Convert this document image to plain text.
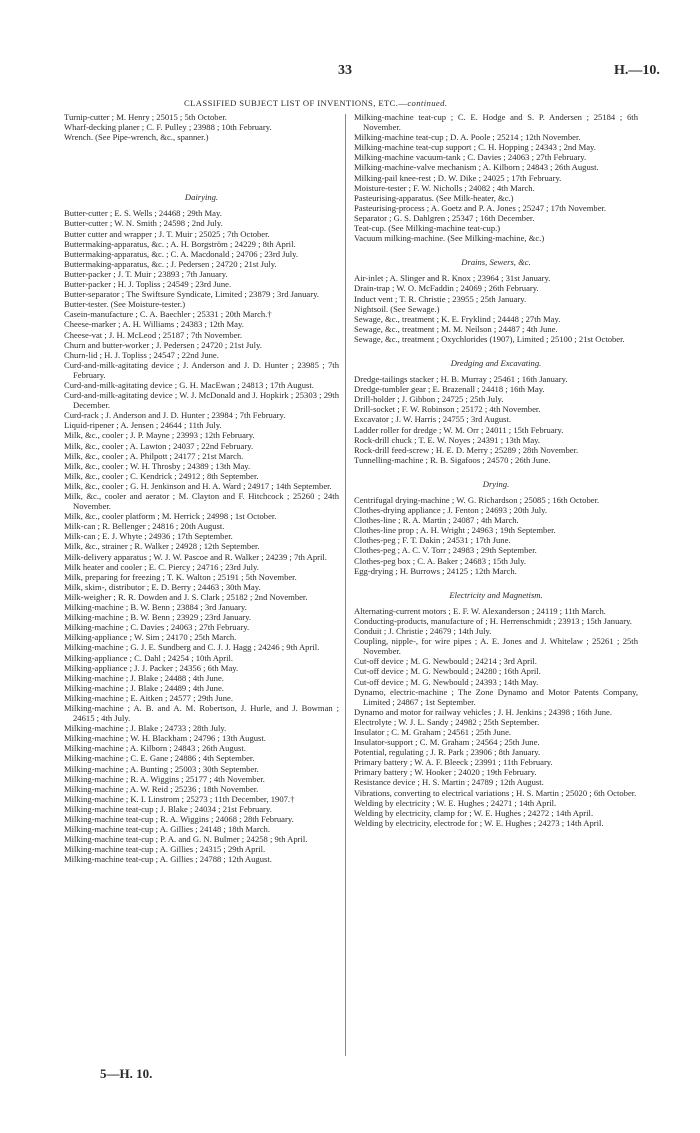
33	H.—10.
CLASSIFIED SUBJECT LIST OF INVENTIONS, ETC.—continued.

Turnip-cutter ; M. Henry ; 25015 ; 5th October.

Wharf-decking planer ; C. F. Pulley ; 23988 ; 10th February.

Wrench. (See Pipe-wrench, &c., spanner.)

Dairying.

Butter-cutter ; E. S. Wells ; 24468 ; 29th May.

Butter-cutter ; W. N. Smith ; 24598 ; 2nd July.

Butter cutter and wrapper ; J. T. Muir ; 25025 ; 7th October.

Buttermaking-apparatus, &c. ; A. H. Borgström ; 24229 ; 8th April.

Buttermaking-apparatus, &c. ; C. A. Macdonald ; 24706 ; 23rd July.

Buttermaking-apparatus, &c. ; J. Pedersen ; 24720 ; 21st July.

Butter-packer ; J. T. Muir ; 23893 ; 7th January.

Butter-packer ; H. J. Topliss ; 24549 ; 23rd June.

Butter-separator ; The Swiftsure Syndicate, Limited ; 23879 ; 3rd January.

Butter-tester. (See Moisture-tester.)

Casein-manufacture ; C. A. Baechler ; 25331 ; 20th March.†

Cheese-marker ; A. H. Williams ; 24383 ; 12th May.

Cheese-vat ; J. H. McLeod ; 25187 ; 7th November.

Churn and butter-worker ; J. Pedersen ; 24720 ; 21st July.

Churn-lid ; H. J. Topliss ; 24547 ; 22nd June.

Curd-and-milk-agitating device ; J. Anderson and J. D. Hunter ; 23985 ; 7th February.

Curd-and-milk-agitating device ; G. H. MacEwan ; 24813 ; 17th August.

Curd-and-milk-agitating device ; W. J. McDonald and J. Hopkirk ; 25303 ; 29th December.

Curd-rack ; J. Anderson and J. D. Hunter ; 23984 ; 7th February.

Liquid-ripener ; A. Jensen ; 24644 ; 11th July.

Milk, &c., cooler ; J. P. Mayne ; 23993 ; 12th February.

Milk, &c., cooler ; A. Lawton ; 24037 ; 22nd February.

Milk, &c., cooler ; A. Philpott ; 24177 ; 21st March.

Milk, &c., cooler ; W. H. Throsby ; 24389 ; 13th May.

Milk, &c., cooler ; C. Kendrick ; 24912 ; 8th September.

Milk, &c., cooler ; G. H. Jenkinson and H. A. Ward ; 24917 ; 14th September.

Milk, &c., cooler and aerator ; M. Clayton and F. Hitchcock ; 25260 ; 24th November.

Milk, &c., cooler platform ; M. Herrick ; 24998 ; 1st October.

Milk-can ; R. Bellenger ; 24816 ; 20th August.

Milk-can ; E. J. Whyte ; 24936 ; 17th September.

Milk, &c., strainer ; R. Walker ; 24928 ; 12th September.

Milk-delivery apparatus ; W. J. W. Pascoe and R. Walker ; 24239 ; 7th April.

Milk heater and cooler ; E. C. Piercy ; 24716 ; 23rd July.

Milk, preparing for freezing ; T. K. Walton ; 25191 ; 5th November.

Milk, skim-, distributor ; E. D. Berry ; 24463 ; 30th May.

Milk-weigher ; R. R. Dowden and J. S. Clark ; 25182 ; 2nd November.

Milking-machine ; B. W. Benn ; 23884 ; 3rd January.

Milking-machine ; B. W. Benn ; 23929 ; 23rd January.

Milking-machine ; C. Davies ; 24063 ; 27th February.

Milking-appliance ; W. Sim ; 24170 ; 25th March.

Milking-machine ; G. J. E. Sundberg and C. J. J. Hagg ; 24246 ; 9th April.

Milking-appliance ; C. Dahl ; 24254 ; 10th April.

Milking-appliance ; J. J. Packer ; 24356 ; 6th May.

Milking-machine ; J. Blake ; 24488 ; 4th June.

Milking-machine ; J. Blake ; 24489 ; 4th June.

Milking-machine ; E. Aitken ; 24577 ; 29th June.

Milking-machine ; A. B. and A. M. Robertson, J. Hurle, and J. Bowman ; 24615 ; 4th July.

Milking-machine ; J. Blake ; 24733 ; 28th July.

Milking-machine ; W. H. Blackham ; 24796 ; 13th August.

Milking-machine ; A. Kilborn ; 24843 ; 26th August.

Milking-machine ; C. E. Gane ; 24886 ; 4th September.

Milking-machine ; A. Bunting ; 25003 ; 30th September.

Milking-machine ; R. A. Wiggins ; 25177 ; 4th November.

Milking-machine ; A. W. Reid ; 25236 ; 18th November.

Milking-machine ; K. I. Linstrom ; 25273 ; 11th December, 1907.†

Milking-machine teat-cup ; J. Blake ; 24034 ; 21st February.

Milking-machine teat-cup ; R. A. Wiggins ; 24068 ; 28th February.

Milking-machine teat-cup ; A. Gillies ; 24148 ; 18th March.

Milking-machine teat-cup ; P. A. and G. N. Bulmer ; 24258 ; 9th April.

Milking-machine teat-cup ; A. Gillies ; 24315 ; 29th April.

Milking-machine teat-cup ; A. Gillies ; 24788 ; 12th August.

Milking-machine teat-cup ; C. E. Hodge and S. P. Andersen ; 25184 ; 6th November.

Milking-machine teat-cup ; D. A. Poole ; 25214 ; 12th November.

Milking-machine teat-cup support ; C. H. Hopping ; 24343 ; 2nd May.

Milking-machine vacuum-tank ; C. Davies ; 24063 ; 27th February.

Milking-machine-valve mechanism ; A. Kilborn ; 24843 ; 26th August.

Milking-pail knee-rest ; D. W. Dike ; 24025 ; 17th February.

Moisture-tester ; F. W. Nicholls ; 24082 ; 4th March.

Pasteurising-apparatus. (See Milk-heater, &c.)

Pasteurising-process ; A. Goetz and P. A. Jones ; 25247 ; 17th November.

Separator ; G. S. Dahlgren ; 25347 ; 16th December.

Teat-cup. (See Milking-machine teat-cup.)

Vacuum milking-machine. (See Milking-machine, &c.)

Drains, Sewers, &c.

Air-inlet ; A. Slinger and R. Knox ; 23964 ; 31st January.

Drain-trap ; W. O. McFaddin ; 24069 ; 26th February.

Induct vent ; T. R. Christie ; 23955 ; 25th January.

Nightsoil. (See Sewage.)

Sewage, &c., treatment ; K. E. Fryklind ; 24448 ; 27th May.

Sewage, &c., treatment ; M. M. Neilson ; 24487 ; 4th June.

Sewage, &c., treatment ; Oxychlorides (1907), Limited ; 25100 ; 21st October.

Dredging and Excavating.

Dredge-tailings stacker ; H. B. Murray ; 25461 ; 16th January.

Dredge-tumbler gear ; E. Brazenall ; 24418 ; 16th May.

Drill-holder ; J. Gibbon ; 24725 ; 25th July.

Drill-socket ; F. W. Robinson ; 25172 ; 4th November.

Excavator ; J. W. Harris ; 24755 ; 3rd August.

Ladder roller for dredge ; W. M. Orr ; 24011 ; 15th February.

Rock-drill chuck ; T. E. W. Noyes ; 24391 ; 13th May.

Rock-drill feed-screw ; H. E. D. Merry ; 25289 ; 28th November.

Tunnelling-machine ; R. B. Sigafoos ; 24570 ; 26th June.

Drying.

Centrifugal drying-machine ; W. G. Richardson ; 25085 ; 16th October.

Clothes-drying appliance ; J. Fenton ; 24693 ; 20th July.

Clothes-line ; R. A. Martin ; 24087 ; 4th March.

Clothes-line prop ; A. H. Wright ; 24963 ; 19th September.

Clothes-peg ; F. T. Dakin ; 24531 ; 17th June.

Clothes-peg ; A. C. V. Torr ; 24983 ; 29th September.

Clothes-peg box ; C. A. Baker ; 24683 ; 15th July.

Egg-drying ; H. Burrows ; 24125 ; 12th March.

Electricity and Magnetism.

Alternating-current motors ; E. F. W. Alexanderson ; 24119 ; 11th March.

Conducting-products, manufacture of ; H. Herrenschmidt ; 23913 ; 15th January.

Conduit ; J. Christie ; 24679 ; 14th July.

Coupling, nipple-, for wire pipes ; A. E. Jones and J. Whitelaw ; 25261 ; 25th November.

Cut-off device ; M. G. Newbould ; 24214 ; 3rd April.

Cut-off device ; M. G. Newbould ; 24280 ; 16th April.

Cut-off device ; M. G. Newbould ; 24393 ; 14th May.

Dynamo, electric-machine ; The Zone Dynamo and Motor Patents Company, Limited ; 24867 ; 1st September.

Dynamo and motor for railway vehicles ; J. H. Jenkins ; 24398 ; 16th June.

Electrolyte ; W. J. L. Sandy ; 24982 ; 25th September.

Insulator ; C. M. Graham ; 24561 ; 25th June.

Insulator-support ; C. M. Graham ; 24564 ; 25th June.

Potential, regulating ; J. R. Park ; 23906 ; 8th January.

Primary battery ; W. A. F. Bleeck ; 23991 ; 11th February.

Primary battery ; W. Hooker ; 24020 ; 19th February.

Resistance device ; H. S. Martin ; 24789 ; 12th August.

Vibrations, converting to electrical variations ; H. S. Martin ; 25020 ; 6th October.

Welding by electricity ; W. E. Hughes ; 24271 ; 14th April.

Welding by electricity, clamp for ; W. E. Hughes ; 24272 ; 14th April.

Welding by electricity, electrode for ; W. E. Hughes ; 24273 ; 14th April.

5—H. 10.
